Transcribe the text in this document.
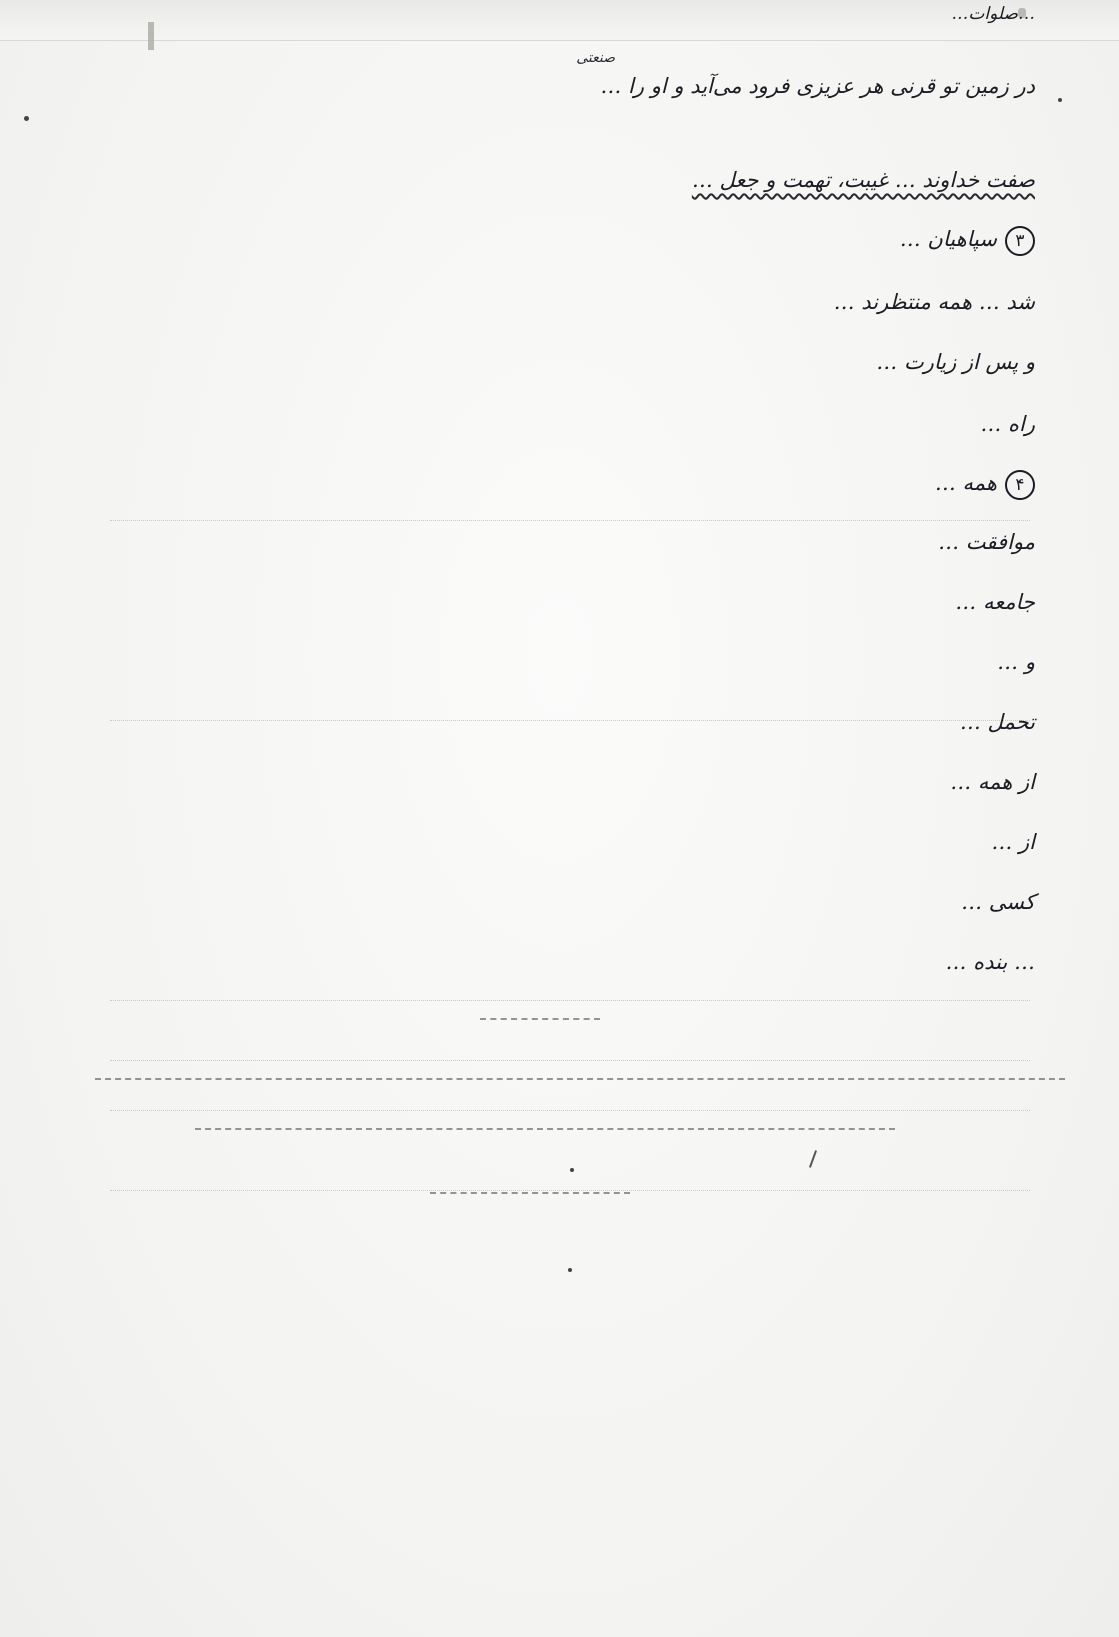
…صلوات…
صنعتی
در زمین تو قرنی هر عزیزی فرود می‌آید و او را …
صفت خداوند … غیبت، تهمت و جعل …
٣سپاهیان …
شد … همه منتظرند …
و پس از زیارت …
راه …
۴همه …
موافقت …
جامعه …
و …
تحمل …
از همه …
از …
کسی …
… بنده …
